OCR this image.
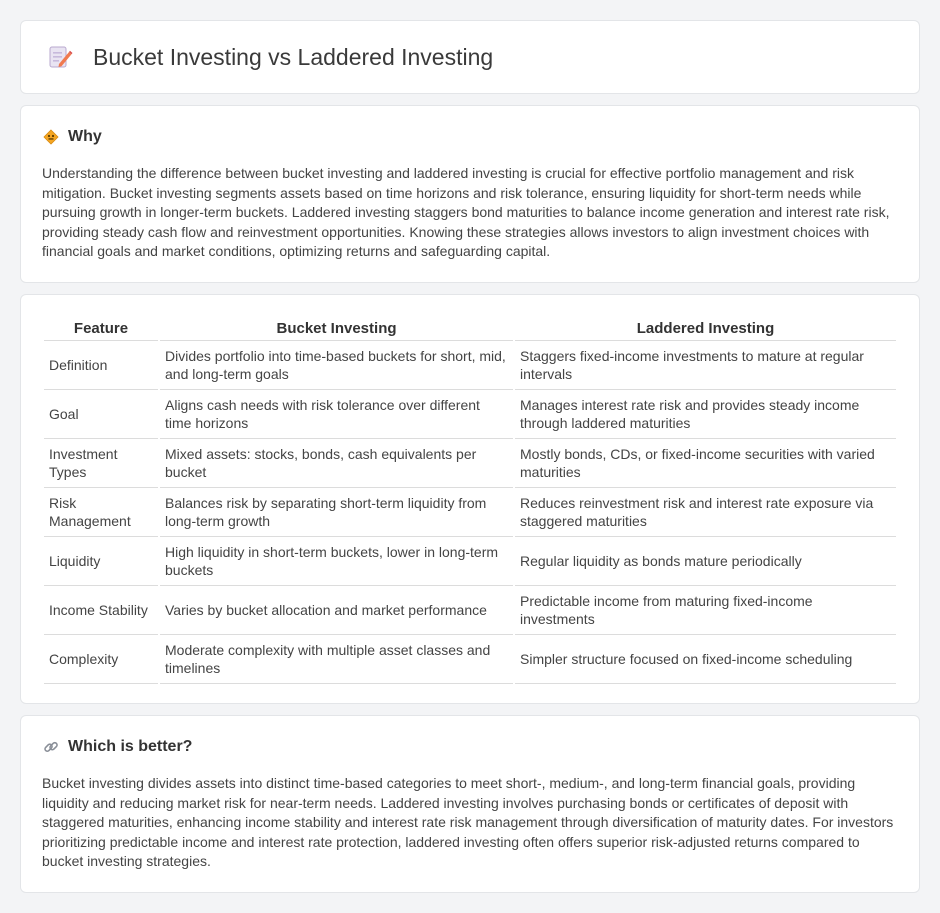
Bucket Investing vs Laddered Investing
Why

Understanding the difference between bucket investing and laddered investing is crucial for effective portfolio management and risk mitigation. Bucket investing segments assets based on time horizons and risk tolerance, ensuring liquidity for short-term needs while pursuing growth in longer-term buckets. Laddered investing staggers bond maturities to balance income generation and interest rate risk, providing steady cash flow and reinvestment opportunities. Knowing these strategies allows investors to align investment choices with financial goals and market conditions, optimizing returns and safeguarding capital.

Feature	Bucket Investing	Laddered Investing
Definition	Divides portfolio into time-based buckets for short, mid, and long-term goals	Staggers fixed-income investments to mature at regular intervals
Goal	Aligns cash needs with risk tolerance over different time horizons	Manages interest rate risk and provides steady income through laddered maturities
Investment Types	Mixed assets: stocks, bonds, cash equivalents per bucket	Mostly bonds, CDs, or fixed-income securities with varied maturities
Risk Management	Balances risk by separating short-term liquidity from long-term growth	Reduces reinvestment risk and interest rate exposure via staggered maturities
Liquidity	High liquidity in short-term buckets, lower in long-term buckets	Regular liquidity as bonds mature periodically
Income Stability	Varies by bucket allocation and market performance	Predictable income from maturing fixed-income investments
Complexity	Moderate complexity with multiple asset classes and timelines	Simpler structure focused on fixed-income scheduling
Which is better?

Bucket investing divides assets into distinct time-based categories to meet short-, medium-, and long-term financial goals, providing liquidity and reducing market risk for near-term needs. Laddered investing involves purchasing bonds or certificates of deposit with staggered maturities, enhancing income stability and interest rate risk management through diversification of maturity dates. For investors prioritizing predictable income and interest rate protection, laddered investing often offers superior risk-adjusted returns compared to bucket investing strategies.
